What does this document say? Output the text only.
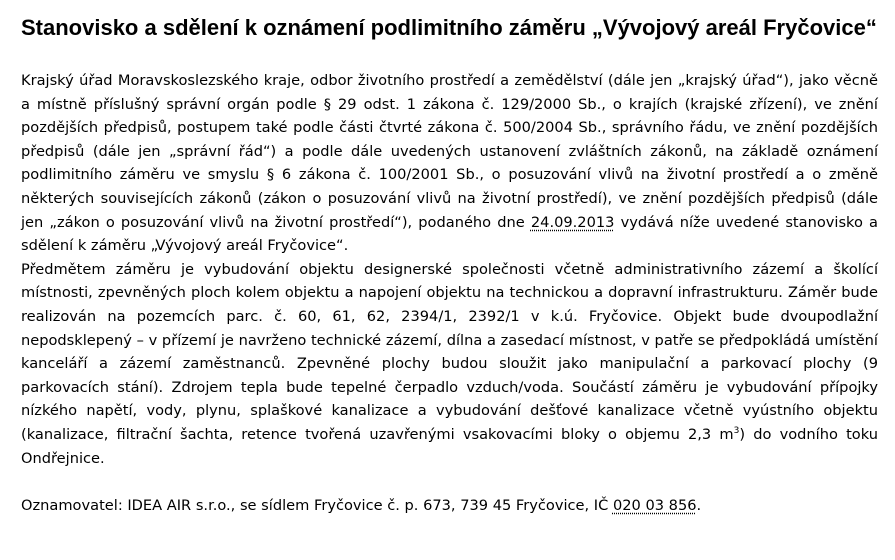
Stanovisko a sdělení k oznámení podlimitního záměru „Vývojový areál Fryčovice“

Krajský úřad Moravskoslezského kraje, odbor životního prostředí a zemědělství (dále jen „krajský úřad“), jako věcně a místně příslušný správní orgán podle § 29 odst. 1 zákona č. 129/2000 Sb., o krajích (krajské zřízení), ve znění pozdějších předpisů, postupem také podle části čtvrté zákona č. 500/2004 Sb., správního řádu, ve znění pozdějších předpisů (dále jen „správní řád“) a podle dále uvedených ustanovení zvláštních zákonů, na základě oznámení podlimitního záměru ve smyslu § 6 zákona č. 100/2001 Sb., o posuzování vlivů na životní prostředí a o změně některých souvisejících zákonů (zákon o posuzování vlivů na životní prostředí), ve znění pozdějších předpisů (dále jen „zákon o posuzování vlivů na životní prostředí“), podaného dne 24.09.2013 vydává níže uvedené stanovisko a sdělení k záměru „Vývojový areál Fryčovice“.

Předmětem záměru je vybudování objektu designerské společnosti včetně administrativního zázemí a školící místnosti, zpevněných ploch kolem objektu a napojení objektu na technickou a dopravní infrastrukturu. Záměr bude realizován na pozemcích parc. č. 60, 61, 62, 2394/1, 2392/1 v k.ú. Fryčovice. Objekt bude dvoupodlažní nepodsklepený – v přízemí je navrženo technické zázemí, dílna a zasedací místnost, v patře se předpokládá umístění kanceláří a zázemí zaměstnanců. Zpevněné plochy budou sloužit jako manipulační a parkovací plochy (9 parkovacích stání). Zdrojem tepla bude tepelné čerpadlo vzduch/voda. Součástí záměru je vybudování přípojky nízkého napětí, vody, plynu, splaškové kanalizace a vybudování dešťové kanalizace včetně vyústního objektu (kanalizace, filtrační šachta, retence tvořená uzavřenými vsakovacími bloky o objemu 2,3 $m^3$) do vodního toku Ondřejnice.

Oznamovatel: IDEA AIR s.r.o., se sídlem Fryčovice č. p. 673, 739 45 Fryčovice, IČ 020 03 856.
